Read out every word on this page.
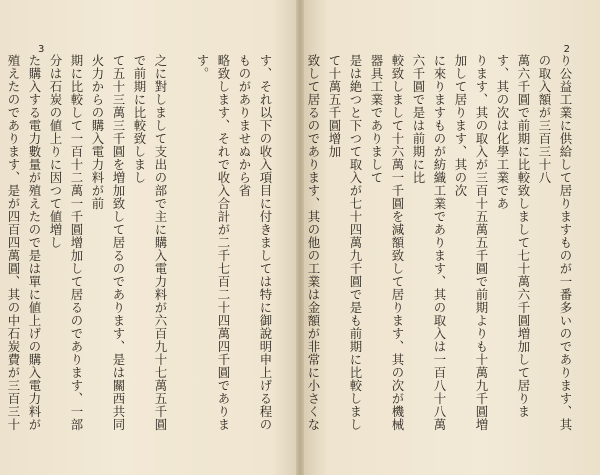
3
す、それ以下の收入項目に付きましては特に御說明申上げる程のものがありませぬから省
略致します、それで收入合計が二千七百二十四萬四千圓であります。
之に對しまして支出の部で主に購入電力料が六百九十七萬五千圓で前期に比較致しまし
て五十三萬三千圓を増加致して居るのであります、是は關西共同火力からの購入電力料が前
期に比較して一百十二萬一千圓增加して居るのであります、一部分は石炭の値上りに因つて値増し
た購入する電力數量が殖えたので是は單に値上げの購入電力料が殖えたのであります、是が四百四萬圓、其の中石炭費が三百三十
2
り公益工業に供給して居りますものが一番多いのであります、其の取入額が三百三十八
萬六千圓で前期に比較致しまして七十萬六千圓増加して居ります、其の次は化學工業であ
ります、其の取入が三百十五萬五千圓で前期よりも十萬九千圓増加して居ります、其の次
に來りますものが紡織工業であります、其の取入は一百八十八萬六千圓で是は前期に比
較致しまして十六萬一千圓を減額致して居ります、其の次が機械器具工業でありまして
是は絶つと下つて取入が七十四萬九千圓で是も前期に比較しまして十萬五千圓增加
致して居るのであります、其の他の工業は金額が非常に小さくな
